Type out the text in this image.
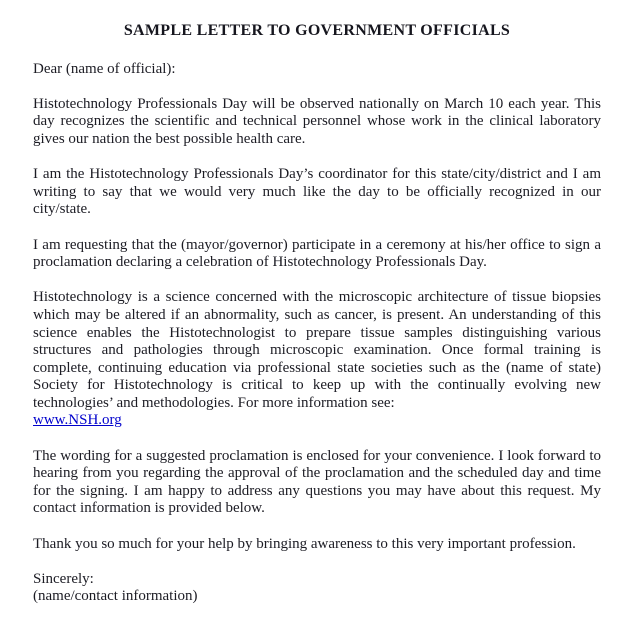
SAMPLE LETTER TO GOVERNMENT OFFICIALS

Dear (name of official):

Histotechnology Professionals Day will be observed nationally on March 10 each year. This day recognizes the scientific and technical personnel whose work in the clinical laboratory gives our nation the best possible health care.

I am the Histotechnology Professionals Day’s coordinator for this state/city/district and I am writing to say that we would very much like the day to be officially recognized in our city/state.

I am requesting that the (mayor/governor) participate in a ceremony at his/her office to sign a proclamation declaring a celebration of Histotechnology Professionals Day.

Histotechnology is a science concerned with the microscopic architecture of tissue biopsies which may be altered if an abnormality, such as cancer, is present. An understanding of this science enables the Histotechnologist to prepare tissue samples distinguishing various structures and pathologies through microscopic examination. Once formal training is complete, continuing education via professional state societies such as the (name of state) Society for Histotechnology is critical to keep up with the continually evolving new technologies’ and methodologies. For more information see:

www.NSH.org

The wording for a suggested proclamation is enclosed for your convenience. I look forward to hearing from you regarding the approval of the proclamation and the scheduled day and time for the signing. I am happy to address any questions you may have about this request. My contact information is provided below.

Thank you so much for your help by bringing awareness to this very important profession.

Sincerely:

(name/contact information)
